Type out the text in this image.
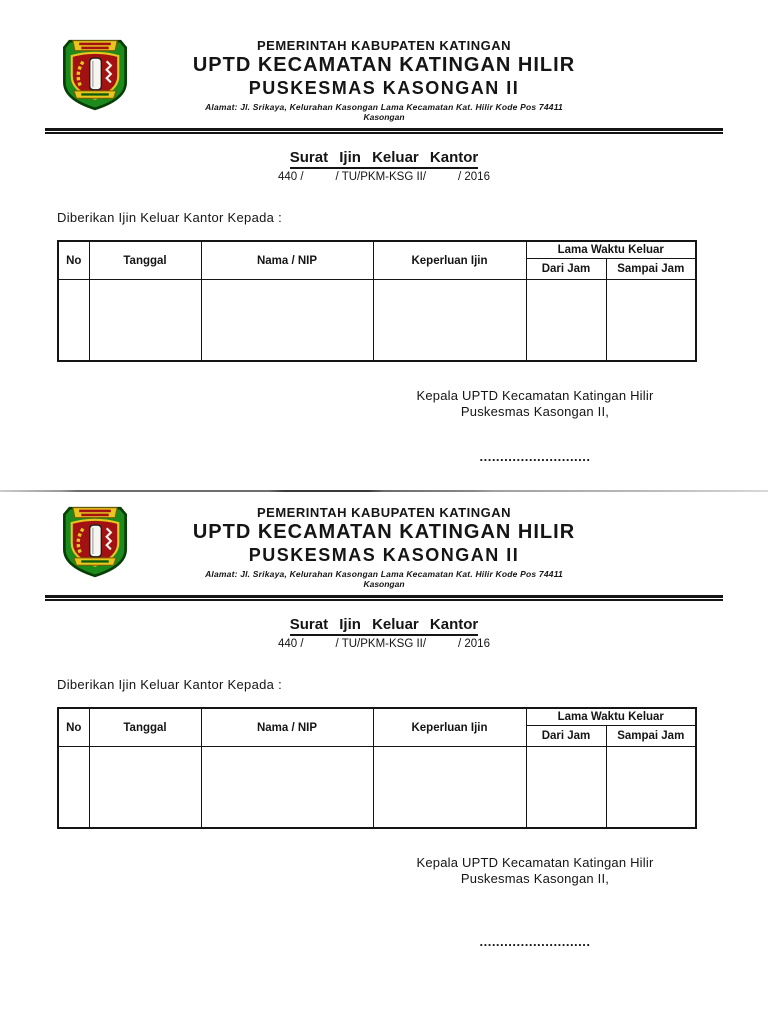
PEMERINTAH KABUPATEN KATINGAN
UPTD KECAMATAN KATINGAN HILIR
PUSKESMAS KASONGAN II
Alamat: Jl. Srikaya, Kelurahan Kasongan Lama Kecamatan Kat. Hilir Kode Pos 74411
Kasongan
Surat Ijin Keluar Kantor
440 /          / TU/PKM-KSG II/          / 2016
Diberikan Ijin Keluar Kantor Kepada :
No	Tanggal	Nama / NIP	Keperluan Ijin	Lama Waktu Keluar	
				Dari Jam	Sampai Jam

Kepala UPTD Kecamatan Katingan Hilir
Puskesmas Kasongan II,
...........................
PEMERINTAH KABUPATEN KATINGAN
UPTD KECAMATAN KATINGAN HILIR
PUSKESMAS KASONGAN II
Alamat: Jl. Srikaya, Kelurahan Kasongan Lama Kecamatan Kat. Hilir Kode Pos 74411
Kasongan
Surat Ijin Keluar Kantor
440 /          / TU/PKM-KSG II/          / 2016
Diberikan Ijin Keluar Kantor Kepada :
No	Tanggal	Nama / NIP	Keperluan Ijin	Lama Waktu Keluar	
				Dari Jam	Sampai Jam

Kepala UPTD Kecamatan Katingan Hilir
Puskesmas Kasongan II,
...........................
